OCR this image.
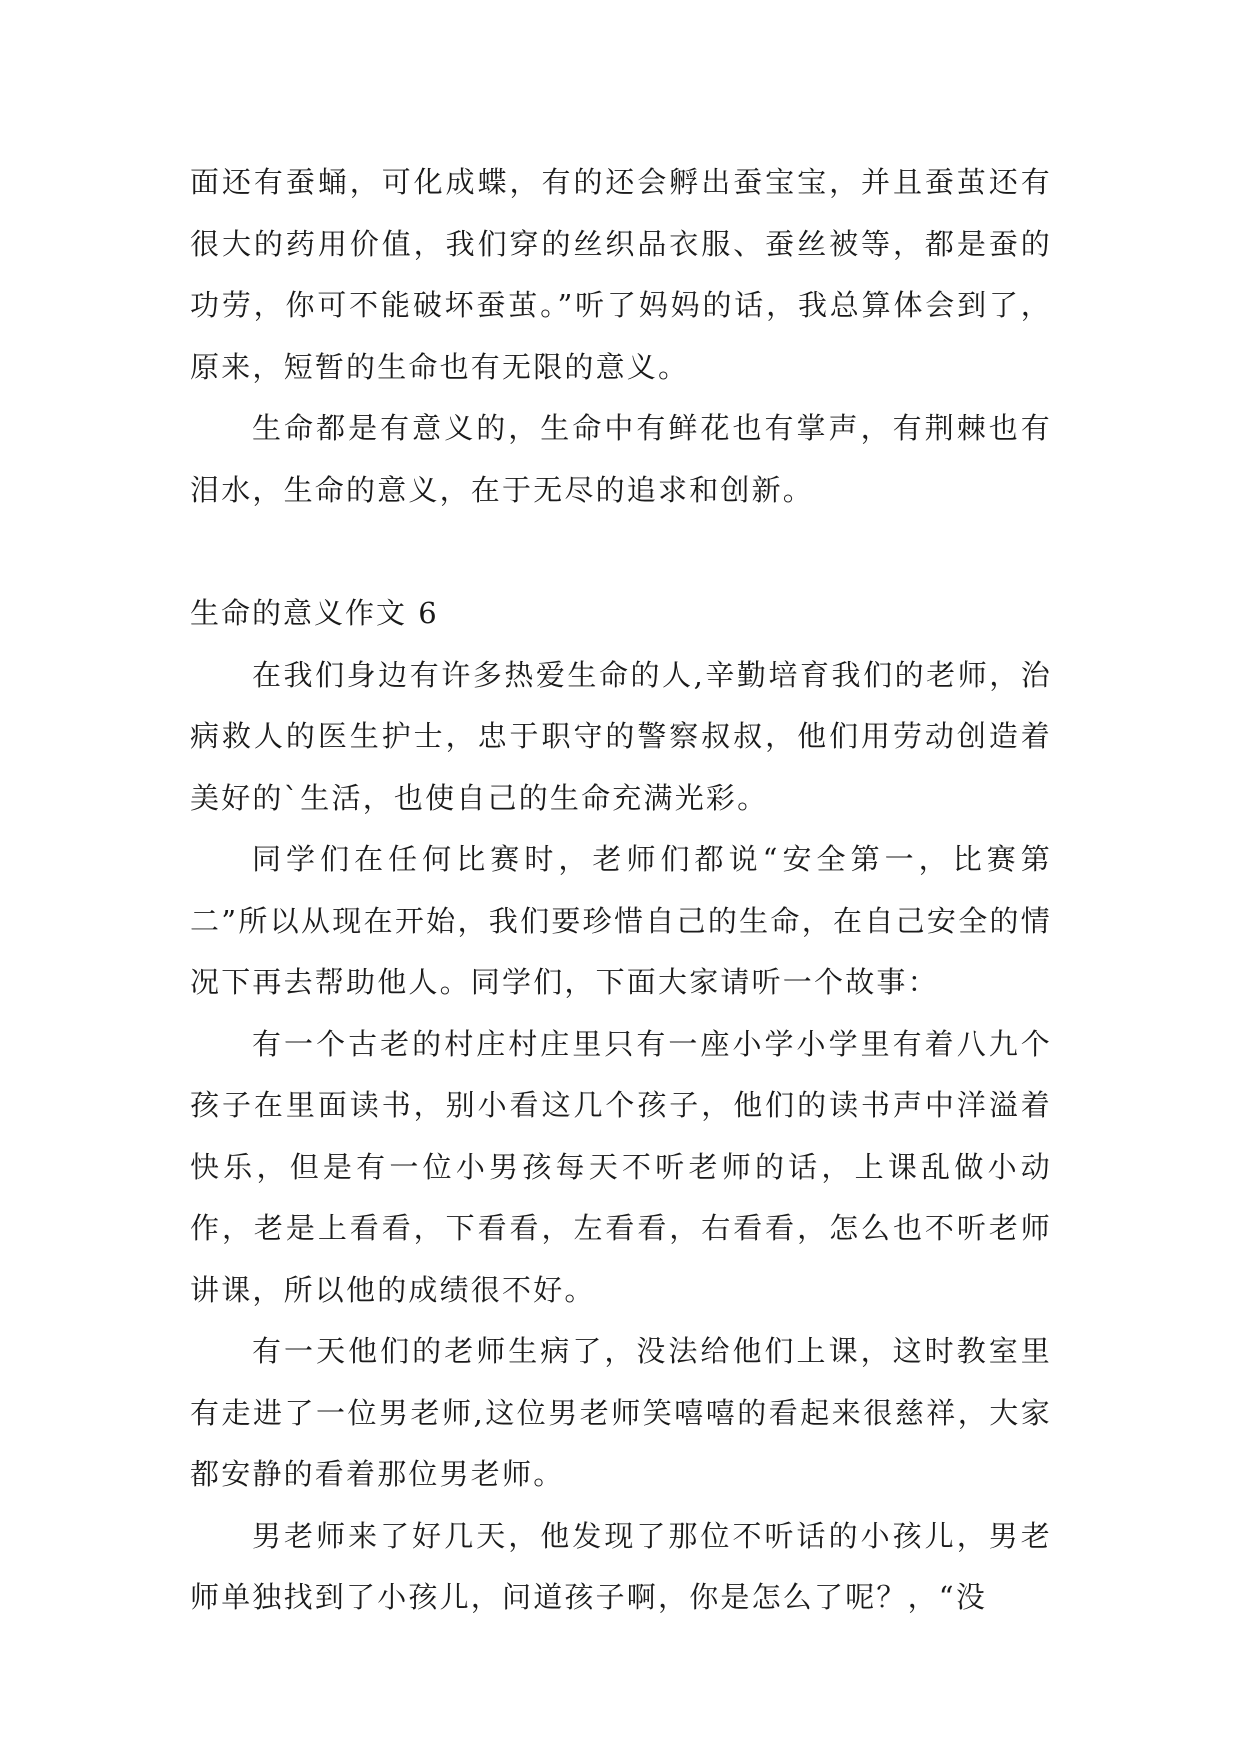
面还有蚕蛹，可化成蝶，有的还会孵出蚕宝宝，并且蚕茧还有很大的药用价值，我们穿的丝织品衣服、蚕丝被等，都是蚕的功劳，你可不能破坏蚕茧。”听了妈妈的话，我总算体会到了，原来，短暂的生命也有无限的意义。

生命都是有意义的，生命中有鲜花也有掌声，有荆棘也有泪水，生命的意义，在于无尽的追求和创新。

生命的意义作文 6

在我们身边有许多热爱生命的人,辛勤培育我们的老师，治病救人的医生护士，忠于职守的警察叔叔，他们用劳动创造着美好的`生活，也使自己的生命充满光彩。

同学们在任何比赛时，老师们都说“安全第一，比赛第二”所以从现在开始，我们要珍惜自己的生命，在自己安全的情况下再去帮助他人。同学们，下面大家请听一个故事：

有一个古老的村庄村庄里只有一座小学小学里有着八九个孩子在里面读书，别小看这几个孩子，他们的读书声中洋溢着快乐，但是有一位小男孩每天不听老师的话，上课乱做小动作，老是上看看，下看看，左看看，右看看，怎么也不听老师讲课，所以他的成绩很不好。

有一天他们的老师生病了，没法给他们上课，这时教室里有走进了一位男老师,这位男老师笑嘻嘻的看起来很慈祥，大家都安静的看着那位男老师。

男老师来了好几天，他发现了那位不听话的小孩儿，男老师单独找到了小孩儿，问道孩子啊，你是怎么了呢？，“没
